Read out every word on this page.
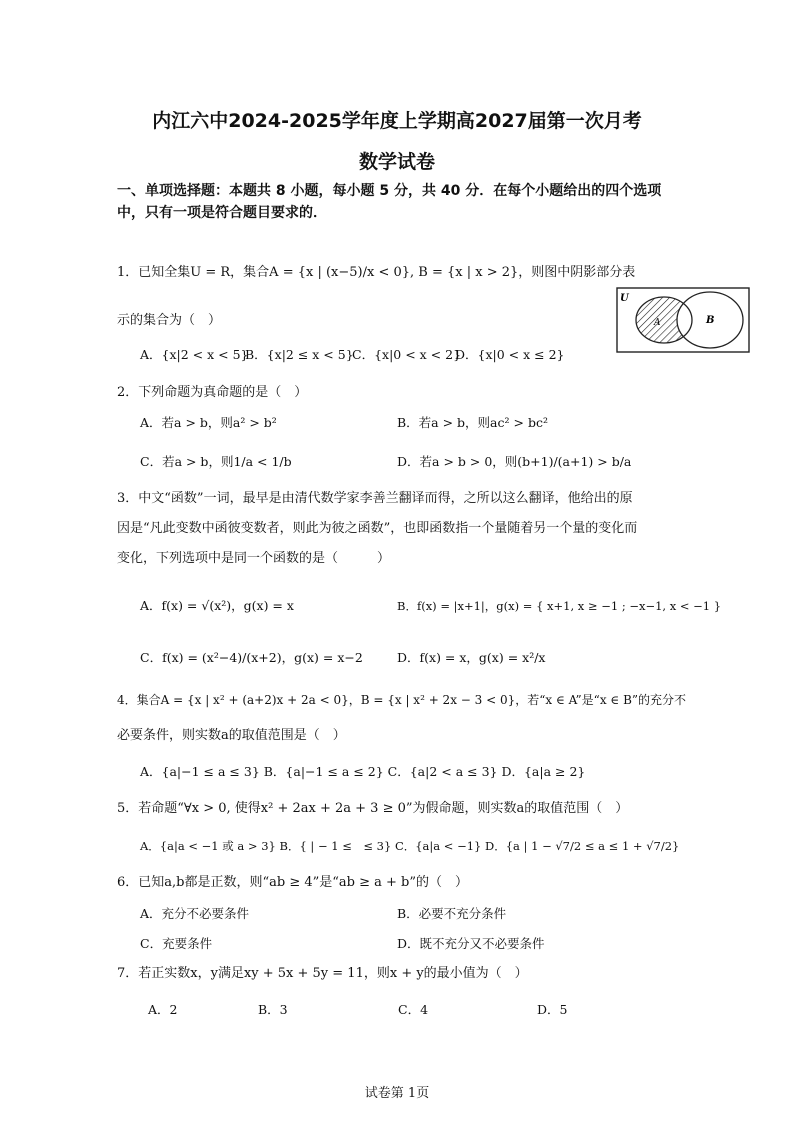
内江六中2024-2025学年度上学期高2027届第一次月考
数学试卷
一、单项选择题：本题共 8 小题，每小题 5 分，共 40 分．在每个小题给出的四个选项中，只有一项是符合题目要求的．
1．已知全集U = R，集合A = {x | (x−5)/x < 0}, B = {x | x > 2}，则图中阴影部分表
示的集合为（　）
A．{x|2 < x < 5}
B．{x|2 ≤ x < 5}
C．{x|0 < x < 2}
D．{x|0 < x ≤ 2}
U
A	B
2．下列命题为真命题的是（　）
A．若a > b，则a² > b²	B．若a > b，则ac² > bc²
C．若a > b，则1/a < 1/b	D．若a > b > 0，则(b+1)/(a+1) > b/a
3．中文“函数”一词，最早是由清代数学家李善兰翻译而得，之所以这么翻译，他给出的原
因是“凡此变数中函彼变数者，则此为彼之函数”，也即函数指一个量随着另一个量的变化而
变化，下列选项中是同一个函数的是（　　　）
A．f(x) = √(x²)，g(x) = x	B．f(x) = |x+1|，g(x) = { x+1, x ≥ −1 ; −x−1, x < −1 }
C．f(x) = (x²−4)/(x+2)，g(x) = x−2	D．f(x) = x，g(x) = x²/x
4．集合A = {x | x² + (a+2)x + 2a < 0}，B = {x | x² + 2x − 3 < 0}，若“x ∈ A”是“x ∈ B”的充分不
必要条件，则实数a的取值范围是（　）
A．{a|−1 ≤ a ≤ 3} B．{a|−1 ≤ a ≤ 2} C．{a|2 < a ≤ 3} D．{a|a ≥ 2}
5．若命题“∀x > 0, 使得x² + 2ax + 2a + 3 ≥ 0”为假命题，则实数a的取值范围（　）
A．{a|a < −1 或 a > 3} B．{ | − 1 ≤　≤ 3} C．{a|a < −1} D．{a | 1 − √7/2 ≤ a ≤ 1 + √7/2}
6．已知a,b都是正数，则“ab ≥ 4”是“ab ≥ a + b”的（　）
A．充分不必要条件	B．必要不充分条件
C．充要条件	D．既不充分又不必要条件
7．若正实数x，y满足xy + 5x + 5y = 11，则x + y的最小值为（　）
A．2	B．3	C．4	D．5
试卷第 1页
